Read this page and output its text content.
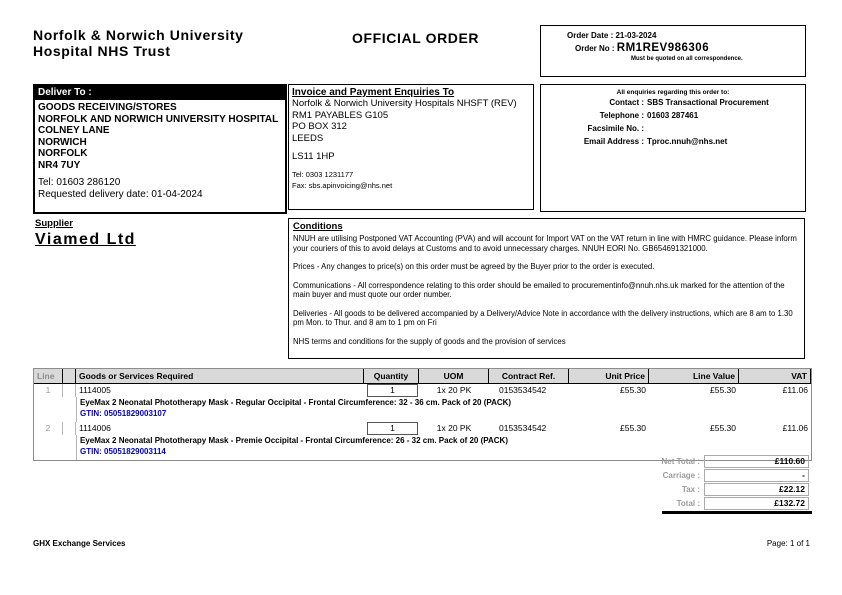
Norfolk & Norwich University
Hospital NHS Trust
OFFICIAL ORDER	Order Date : 21-03-2024
Order No : RM1REV986306
Must be quoted on all correspondence.
Deliver To :
GOODS RECEIVING/STORES
NORFOLK AND NORWICH UNIVERSITY HOSPITAL
COLNEY LANE
NORWICH
NORFOLK
NR4 7UY
Tel: 01603 286120
Requested delivery date: 01-04-2024
Invoice and Payment Enquiries To
Norfolk & Norwich University Hospitals NHSFT (REV)
RM1 PAYABLES G105
PO BOX 312
LEEDS
LS11 1HP
Tel: 0303 1231177
Fax: sbs.apinvoicing@nhs.net
All enquiries regarding this order to:
Contact : SBS Transactional Procurement
Telephone : 01603 287461
Facsimile No. :
Email Address : Tproc.nnuh@nhs.net
Supplier
Viamed Ltd
Conditions

NNUH are utilising Postponed VAT Accounting (PVA) and will account for Import VAT on the VAT return in line with HMRC guidance. Please inform your couriers of this to avoid delays at Customs and to avoid unnecessary charges. NNUH EORI No. GB654691321000.

Prices - Any changes to price(s) on this order must be agreed by the Buyer prior to the order is executed.

Communications - All correspondence relating to this order should be emailed to procurementinfo@nnuh.nhs.uk marked for the attention of the main buyer and must quote our order number.

Deliveries - All goods to be delivered accompanied by a Delivery/Advice Note in accordance with the delivery instructions, which are 8 am to 1.30 pm Mon. to Thur. and 8 am to 1 pm on Fri

NHS terms and conditions for the supply of goods and the provision of services

Line	Goods or Services Required	Quantity	UOM	Contract Ref.	Unit Price	Line Value	VAT
1	1114005	1	1x 20 PK	0153534542	£55.30	£55.30	£11.06
EyeMax 2 Neonatal Phototherapy Mask - Regular Occipital - Frontal Circumference: 32 - 36 cm. Pack of 20 (PACK)
GTIN: 05051829003107
2	1114006	1	1x 20 PK	0153534542	£55.30	£55.30	£11.06
EyeMax 2 Neonatal Phototherapy Mask - Premie Occipital - Frontal Circumference: 26 - 32 cm. Pack of 20 (PACK)
GTIN: 05051829003114
Net Total :	£110.60
Carriage :	-
Tax :	£22.12
Total :	£132.72
GHX Exchange Services	Page: 1 of 1
